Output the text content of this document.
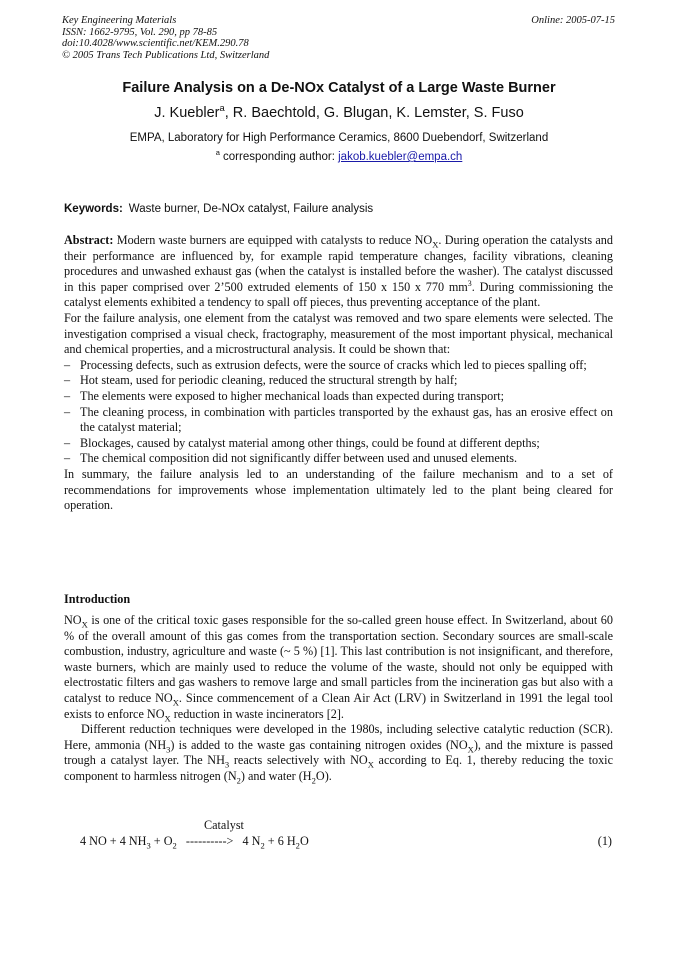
Key Engineering Materials
ISSN: 1662-9795, Vol. 290, pp 78-85
doi:10.4028/www.scientific.net/KEM.290.78
© 2005 Trans Tech Publications Ltd, Switzerland
Online: 2005-07-15
Failure Analysis on a De-NOx Catalyst of a Large Waste Burner
J. Kuebler$^a$, R. Baechtold, G. Blugan, K. Lemster, S. Fuso
EMPA, Laboratory for High Performance Ceramics, 8600 Duebendorf, Switzerland
$^a$ corresponding author: jakob.kuebler@empa.ch
Keywords: Waste burner, De-NOx catalyst, Failure analysis

Abstract: Modern waste burners are equipped with catalysts to reduce $NO_X$. During operation the catalysts and their performance are influenced by, for example rapid temperature changes, facility vibrations, cleaning procedures and unwashed exhaust gas (when the catalyst is installed before the washer). The catalyst discussed in this paper comprised over 2’500 extruded elements of 150 x 150 x 770 $mm^3$. During commissioning the catalyst elements exhibited a tendency to spall off pieces, thus preventing acceptance of the plant.

For the failure analysis, one element from the catalyst was removed and two spare elements were selected. The investigation comprised a visual check, fractography, measurement of the most important physical, mechanical and chemical properties, and a microstructural analysis. It could be shown that:

– Processing defects, such as extrusion defects, were the source of cracks which led to pieces spalling off;
– Hot steam, used for periodic cleaning, reduced the structural strength by half;
– The elements were exposed to higher mechanical loads than expected during transport;
– The cleaning process, in combination with particles transported by the exhaust gas, has an erosive effect on the catalyst material;
– Blockages, caused by catalyst material among other things, could be found at different depths;
– The chemical composition did not significantly differ between used and unused elements.

In summary, the failure analysis led to an understanding of the failure mechanism and to a set of recommendations for improvements whose implementation ultimately led to the plant being cleared for operation.

Introduction

$NO_X$ is one of the critical toxic gases responsible for the so-called green house effect. In Switzerland, about 60 % of the overall amount of this gas comes from the transportation section. Secondary sources are small-scale combustion, industry, agriculture and waste (~ 5 %) [1]. This last contribution is not insignificant, and therefore, waste burners, which are mainly used to reduce the volume of the waste, should not only be equipped with electrostatic filters and gas washers to remove large and small particles from the incineration gas but also with a catalyst to reduce $NO_X$. Since commencement of a Clean Air Act (LRV) in Switzerland in 1991 the legal tool exists to enforce $NO_X$ reduction in waste incinerators [2].

Different reduction techniques were developed in the 1980s, including selective catalytic reduction (SCR). Here, ammonia $(NH_3)$ is added to the waste gas containing nitrogen oxides $(NO_X)$, and the mixture is passed trough a catalyst layer. The $NH_3$ reacts selectively with $NO_X$ according to Eq. 1, thereby reducing the toxic component to harmless nitrogen $(N_2)$ and water $(H_2O)$.

Catalyst
4 NO + 4 $NH_3 + O_2$   ---------->   4 $N_2 + 6$ $H_2O$	(1)
